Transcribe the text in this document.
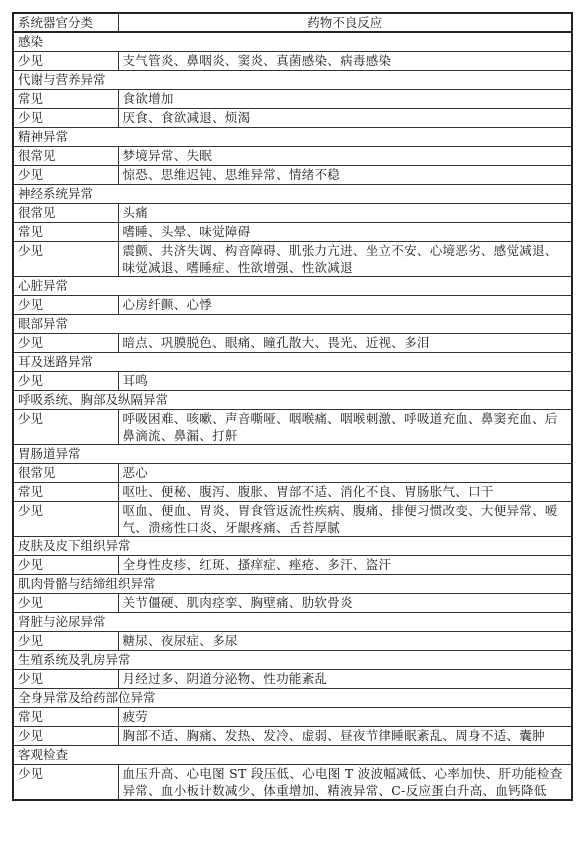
系统器官分类	药物不良反应
感染	
少见	支气管炎、鼻咽炎、窦炎、真菌感染、病毒感染
代谢与营养异常	
常见	食欲增加
少见	厌食、食欲减退、烦渴
精神异常	
很常见	梦境异常、失眠
少见	惊恐、思维迟钝、思维异常、情绪不稳
神经系统异常	
很常见	头痛
常见	嗜睡、头晕、味觉障碍
少见	震颤、共济失调、构音障碍、肌张力亢进、坐立不安、心境恶劣、感觉减退、味觉减退、嗜睡症、性欲增强、性欲减退
心脏异常	
少见	心房纤颤、心悸
眼部异常	
少见	暗点、巩膜脱色、眼痛、瞳孔散大、畏光、近视、多泪
耳及迷路异常	
少见	耳鸣
呼吸系统、胸部及纵隔异常	
少见	呼吸困难、咳嗽、声音嘶哑、咽喉痛、咽喉刺激、呼吸道充血、鼻窦充血、后鼻滴流、鼻漏、打鼾
胃肠道异常	
很常见	恶心
常见	呕吐、便秘、腹泻、腹胀、胃部不适、消化不良、胃肠胀气、口干
少见	呕血、便血、胃炎、胃食管返流性疾病、腹痛、排便习惯改变、大便异常、嗳气、溃疡性口炎、牙龈疼痛、舌苔厚腻
皮肤及皮下组织异常	
少见	全身性皮疹、红斑、搔痒症、痤疮、多汗、盗汗
肌肉骨骼与结缔组织异常	
少见	关节僵硬、肌肉痉挛、胸壁痛、肋软骨炎
肾脏与泌尿异常	
少见	糖尿、夜尿症、多尿
生殖系统及乳房异常	
少见	月经过多、阴道分泌物、性功能紊乱
全身异常及给药部位异常	
常见	疲劳
少见	胸部不适、胸痛、发热、发冷、虚弱、昼夜节律睡眠紊乱、周身不适、囊肿
客观检查	
少见	血压升高、心电图 ST 段压低、心电图 T 波波幅减低、心率加快、肝功能检查异常、血小板计数减少、体重增加、精液异常、C-反应蛋白升高、血钙降低
